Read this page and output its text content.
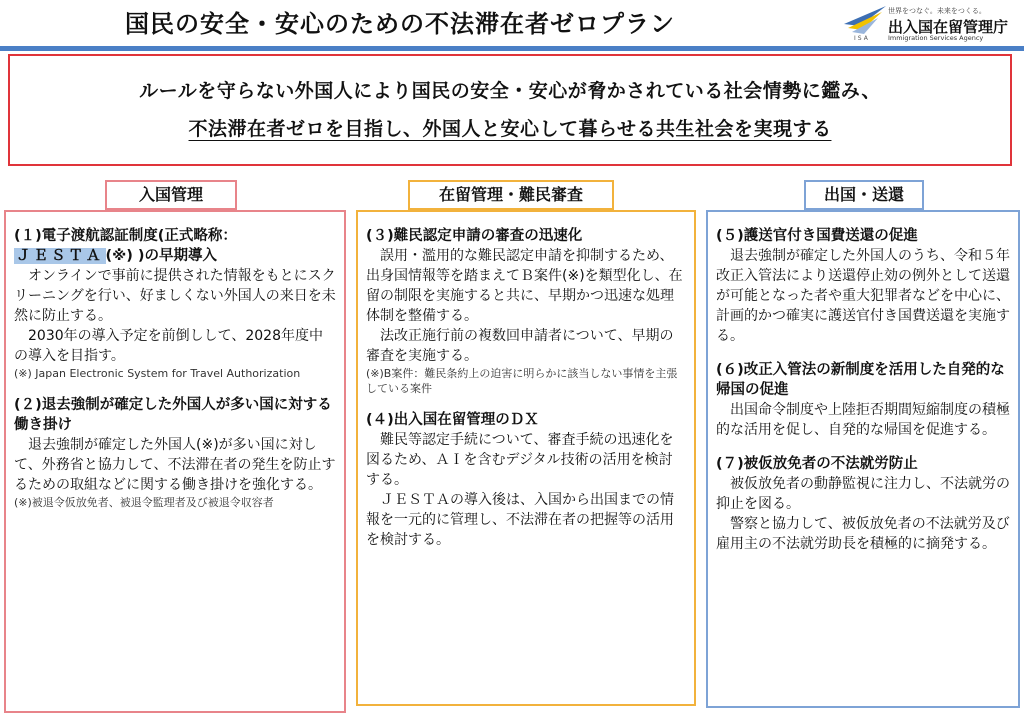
国民の安全・安心のための不法滞在者ゼロプラン
ISA
世界をつなぐ。未来をつくる。
出入国在留管理庁
Immigration Services Agency
ルールを守らない外国人により国民の安全・安心が脅かされている社会情勢に鑑み、
不法滞在者ゼロを目指し、外国人と安心して暮らせる共生社会を実現する
入国管理	在留管理・難民審査	出国・送還
(１)電子渡航認証制度(正式略称：
ＪＥＳＴＡ (※) )の早期導入
オンラインで事前に提供された情報をもとにスクリーニングを行い、好ましくない外国人の来日を未然に防止する。
2030年の導入予定を前倒しして、2028年度中の導入を目指す。
(※) Japan Electronic System for Travel Authorization
(２)退去強制が確定した外国人が多い国に対する働き掛け
退去強制が確定した外国人(※)が多い国に対して、外務省と協力して、不法滞在者の発生を防止するための取組などに関する働き掛けを強化する。
(※)被退令仮放免者、被退令監理者及び被退令収容者
(３)難民認定申請の審査の迅速化
誤用・濫用的な難民認定申請を抑制するため、出身国情報等を踏まえてＢ案件(※)を類型化し、在留の制限を実施すると共に、早期かつ迅速な処理体制を整備する。
法改正施行前の複数回申請者について、早期の審査を実施する。
(※)B案件：難民条約上の迫害に明らかに該当しない事情を主張している案件
(４)出入国在留管理のＤＸ
難民等認定手続について、審査手続の迅速化を図るため、ＡＩを含むデジタル技術の活用を検討する。
ＪＥＳＴＡの導入後は、入国から出国までの情報を一元的に管理し、不法滞在者の把握等の活用を検討する。
(５)護送官付き国費送還の促進
退去強制が確定した外国人のうち、令和５年改正入管法により送還停止効の例外として送還が可能となった者や重大犯罪者などを中心に、計画的かつ確実に護送官付き国費送還を実施する。
(６)改正入管法の新制度を活用した自発的な帰国の促進
出国命令制度や上陸拒否期間短縮制度の積極的な活用を促し、自発的な帰国を促進する。
(７)被仮放免者の不法就労防止
被仮放免者の動静監視に注力し、不法就労の抑止を図る。
警察と協力して、被仮放免者の不法就労及び雇用主の不法就労助長を積極的に摘発する。
